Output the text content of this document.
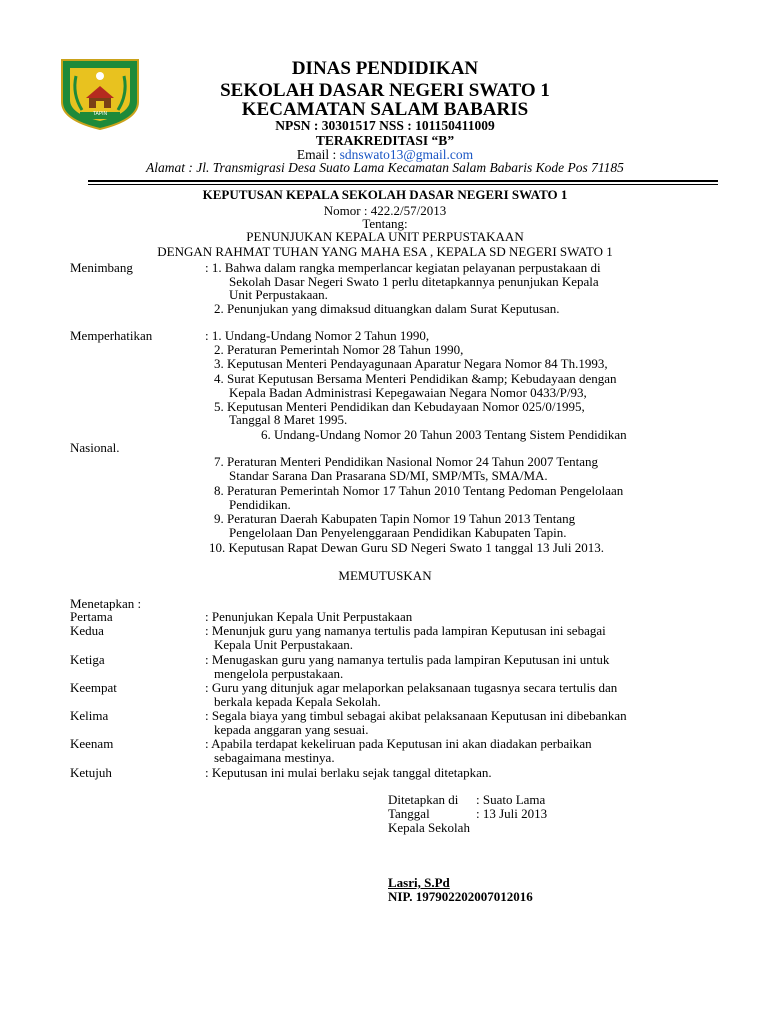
TAPIN
DINAS PENDIDIKAN
SEKOLAH DASAR NEGERI SWATO 1
KECAMATAN SALAM BABARIS
NPSN : 30301517 NSS : 101150411009
TERAKREDITASI “B”
Email : sdnswato13@gmail.com
Alamat : Jl. Transmigrasi Desa Suato Lama Kecamatan Salam Babaris Kode Pos 71185
KEPUTUSAN KEPALA SEKOLAH DASAR NEGERI SWATO 1
Nomor : 422.2/57/2013
Tentang:
PENUNJUKAN KEPALA UNIT PERPUSTAKAAN
DENGAN RAHMAT TUHAN YANG MAHA ESA , KEPALA SD NEGERI SWATO 1
Menimbang	: 1. Bahwa dalam rangka memperlancar kegiatan pelayanan perpustakaan di
Sekolah Dasar Negeri Swato 1 perlu ditetapkannya penunjukan Kepala
Unit Perpustakaan.
2. Penunjukan yang dimaksud dituangkan dalam Surat Keputusan.
Memperhatikan	: 1. Undang-Undang Nomor 2 Tahun 1990,
2. Peraturan Pemerintah Nomor 28 Tahun 1990,
3. Keputusan Menteri Pendayagunaan Aparatur Negara Nomor 84 Th.1993,
4. Surat Keputusan Bersama Menteri Pendidikan &amp; Kebudayaan dengan
Kepala Badan Administrasi Kepegawaian Negara Nomor 0433/P/93,
5. Keputusan Menteri Pendidikan dan Kebudayaan Nomor 025/0/1995,
Tanggal 8 Maret 1995.
6. Undang-Undang Nomor 20 Tahun 2003 Tentang Sistem Pendidikan
Nasional.
7. Peraturan Menteri Pendidikan Nasional Nomor 24 Tahun 2007 Tentang
Standar Sarana Dan Prasarana SD/MI, SMP/MTs, SMA/MA.
8. Peraturan Pemerintah Nomor 17 Tahun 2010 Tentang Pedoman Pengelolaan
Pendidikan.
9. Peraturan Daerah Kabupaten Tapin Nomor 19 Tahun 2013 Tentang
Pengelolaan Dan Penyelenggaraan Pendidikan Kabupaten Tapin.
10. Keputusan Rapat Dewan Guru SD Negeri Swato 1 tanggal 13 Juli 2013.
MEMUTUSKAN
Menetapkan :
Pertama	: Penunjukan Kepala Unit Perpustakaan
Kedua	: Menunjuk guru yang namanya tertulis pada lampiran Keputusan ini sebagai
Kepala Unit Perpustakaan.
Ketiga	: Menugaskan guru yang namanya tertulis pada lampiran Keputusan ini untuk
mengelola perpustakaan.
Keempat	: Guru yang ditunjuk agar melaporkan pelaksanaan tugasnya secara tertulis dan
berkala kepada Kepala Sekolah.
Kelima	: Segala biaya yang timbul sebagai akibat pelaksanaan Keputusan ini dibebankan
kepada anggaran yang sesuai.
Keenam	: Apabila terdapat kekeliruan pada Keputusan ini akan diadakan perbaikan
sebagaimana mestinya.
Ketujuh	: Keputusan ini mulai berlaku sejak tanggal ditetapkan.
Ditetapkan di : Suato Lama
Tanggal	: 13 Juli 2013
Kepala Sekolah
Lasri, S.Pd
NIP. 197902202007012016
